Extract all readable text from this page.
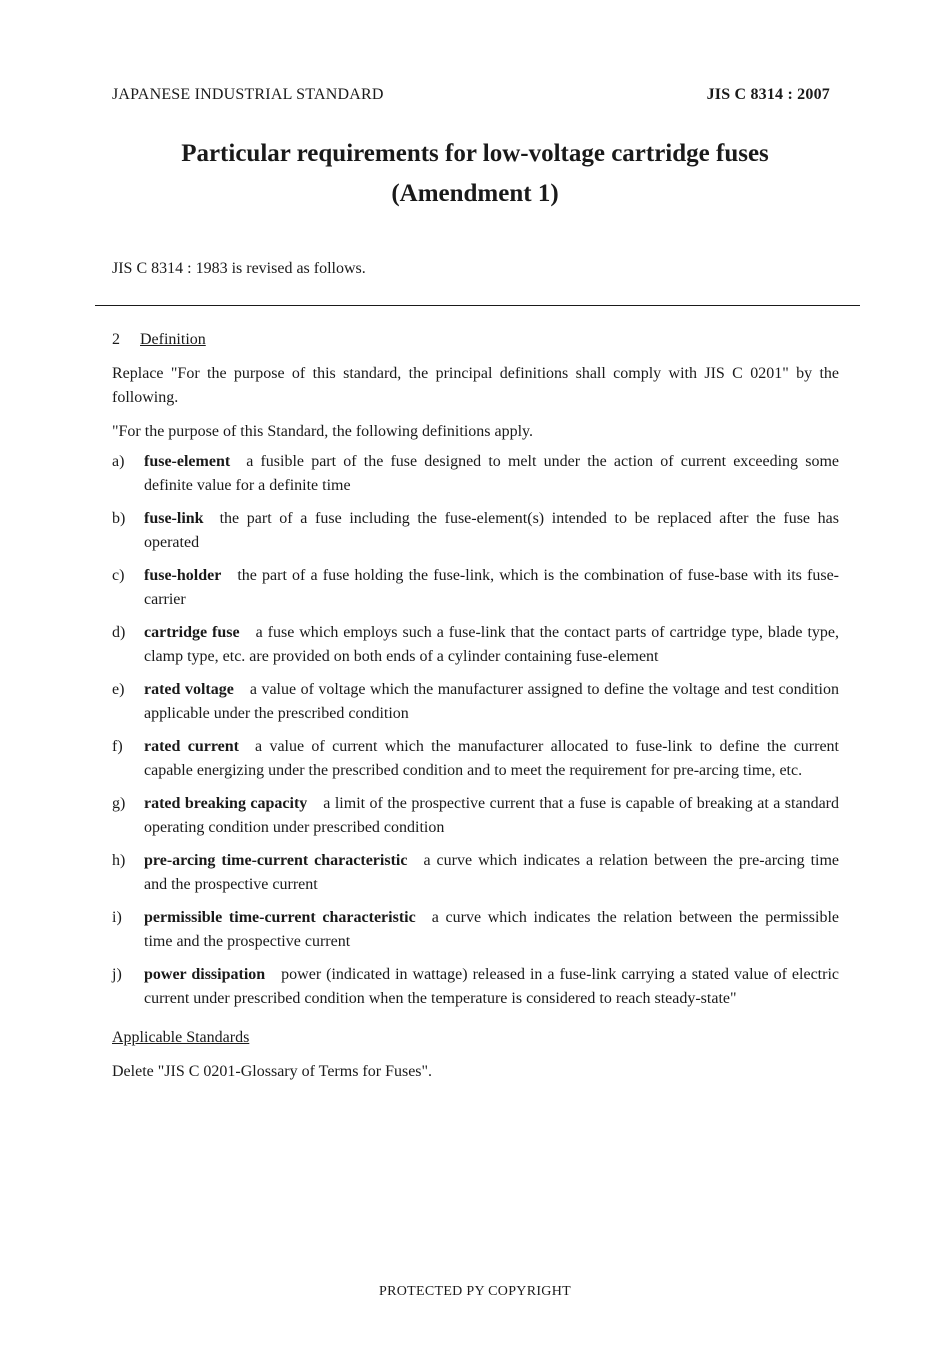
JAPANESE INDUSTRIAL STANDARD	JIS C 8314 : 2007
Particular requirements for low-voltage cartridge fuses
(Amendment 1)
JIS C 8314 : 1983 is revised as follows.
2 Definition

Replace "For the purpose of this standard, the principal definitions shall comply with JIS C 0201" by the following.

"For the purpose of this Standard, the following definitions apply.

a)	fuse-element a fusible part of the fuse designed to melt under the action of current exceeding some definite value for a definite time
b)	fuse-link the part of a fuse including the fuse-element(s) intended to be replaced after the fuse has operated
c)	fuse-holder the part of a fuse holding the fuse-link, which is the combination of fuse-base with its fuse-carrier
d)	cartridge fuse a fuse which employs such a fuse-link that the contact parts of cartridge type, blade type, clamp type, etc. are provided on both ends of a cylinder containing fuse-element
e)	rated voltage a value of voltage which the manufacturer assigned to define the voltage and test condition applicable under the prescribed condition
f)	rated current a value of current which the manufacturer allocated to fuse-link to define the current capable energizing under the prescribed condition and to meet the requirement for pre-arcing time, etc.
g)	rated breaking capacity a limit of the prospective current that a fuse is capable of breaking at a standard operating condition under prescribed condition
h)	pre-arcing time-current characteristic a curve which indicates a relation between the pre-arcing time and the prospective current
i)	permissible time-current characteristic a curve which indicates the relation between the permissible time and the prospective current
j)	power dissipation power (indicated in wattage) released in a fuse-link carrying a stated value of electric current under prescribed condition when the temperature is considered to reach steady-state"
Applicable Standards
Delete "JIS C 0201-Glossary of Terms for Fuses".
PROTECTED PY COPYRIGHT
